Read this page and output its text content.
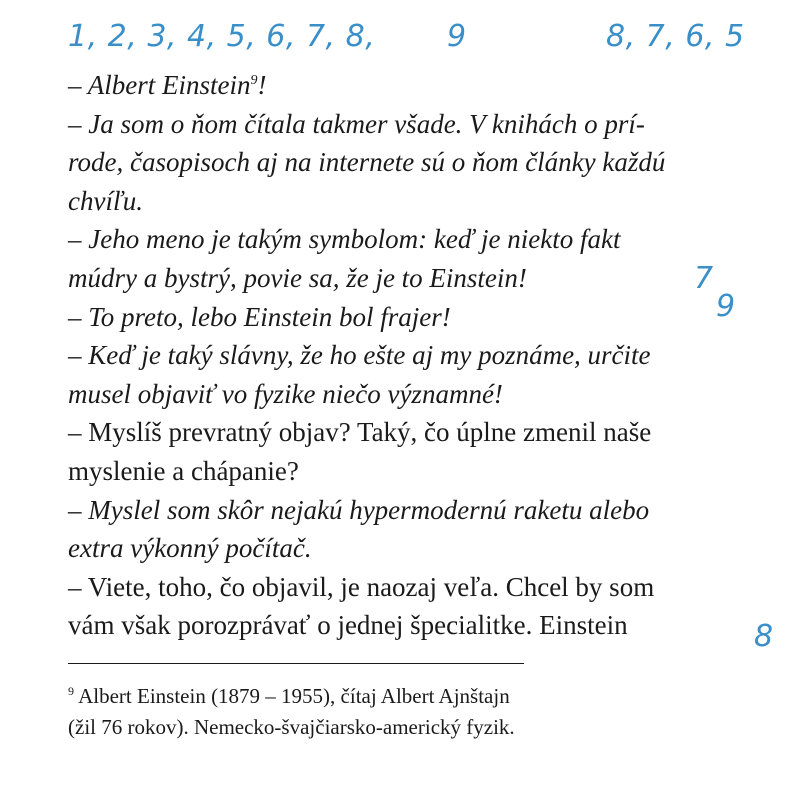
1, 2, 3, 4, 5, 6, 7, 8, 9	8, 7, 6, 5
7
9
8
– Albert Einstein$^9$!
– Ja som o ňom čítala takmer všade. V knihách o prí-
rode, časopisoch aj na internete sú o ňom články každú
chvíľu.
– Jeho meno je takým symbolom: keď je niekto fakt
múdry a bystrý, povie sa, že je to Einstein!
– To preto, lebo Einstein bol frajer!
– Keď je taký slávny, že ho ešte aj my poznáme, určite
musel objaviť vo fyzike niečo významné!
– Myslíš prevratný objav? Taký, čo úplne zmenil naše
myslenie a chápanie?
– Myslel som skôr nejakú hypermodernú raketu alebo
extra výkonný počítač.
– Viete, toho, čo objavil, je naozaj veľa. Chcel by som
vám však porozprávať o jednej špecialitke. Einstein
$^9$ Albert Einstein (1879 – 1955), čítaj Albert Ajnštajn
(žil 76 rokov). Nemecko-švajčiarsko-americký fyzik.
